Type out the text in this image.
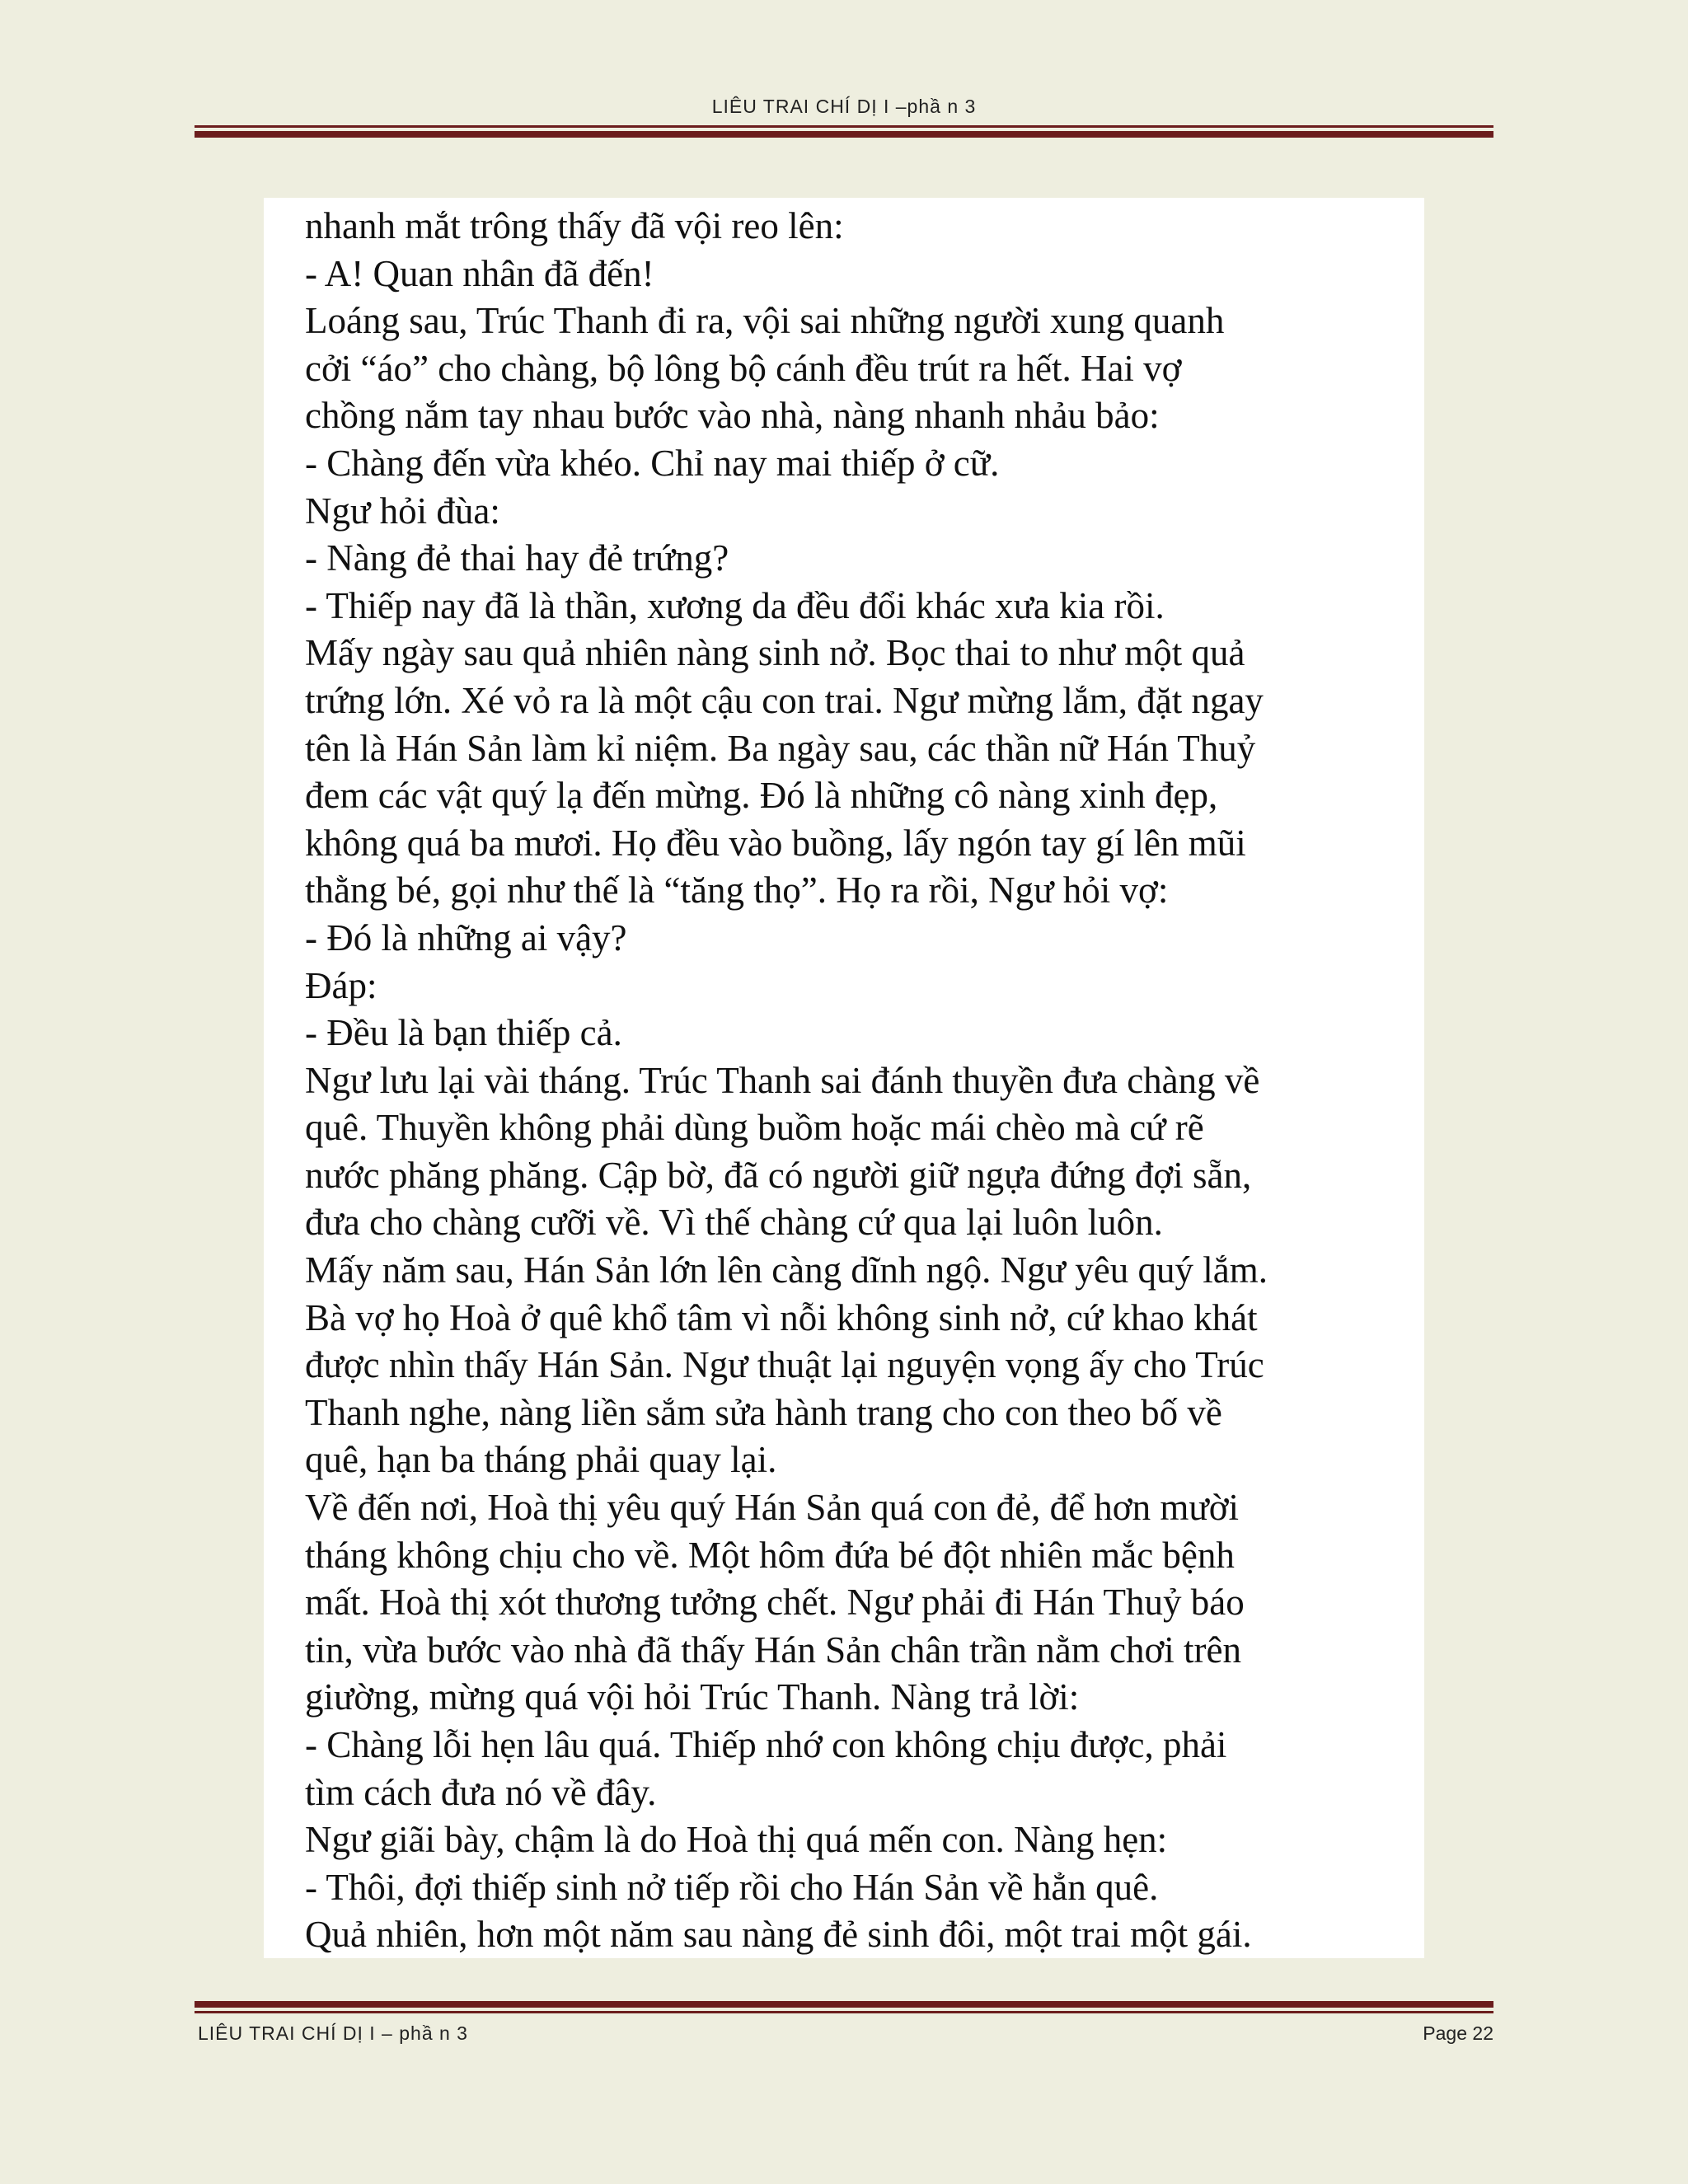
LIÊU TRAI CHÍ DỊ I –phầ n 3
nhanh mắt trông thấy đã vội reo lên:
- A! Quan nhân đã đến!
Loáng sau, Trúc Thanh đi ra, vội sai những người xung quanh
cởi “áo” cho chàng, bộ lông bộ cánh đều trút ra hết. Hai vợ
chồng nắm tay nhau bước vào nhà, nàng nhanh nhảu bảo:
- Chàng đến vừa khéo. Chỉ nay mai thiếp ở cữ.
Ngư hỏi đùa:
- Nàng đẻ thai hay đẻ trứng?
- Thiếp nay đã là thần, xương da đều đổi khác xưa kia rồi.
Mấy ngày sau quả nhiên nàng sinh nở. Bọc thai to như một quả
trứng lớn. Xé vỏ ra là một cậu con trai. Ngư mừng lắm, đặt ngay
tên là Hán Sản làm kỉ niệm. Ba ngày sau, các thần nữ Hán Thuỷ
đem các vật quý lạ đến mừng. Đó là những cô nàng xinh đẹp,
không quá ba mươi. Họ đều vào buồng, lấy ngón tay gí lên mũi
thằng bé, gọi như thế là “tăng thọ”. Họ ra rồi, Ngư hỏi vợ:
- Đó là những ai vậy?
Đáp:
- Đều là bạn thiếp cả.
Ngư lưu lại vài tháng. Trúc Thanh sai đánh thuyền đưa chàng về
quê. Thuyền không phải dùng buồm hoặc mái chèo mà cứ rẽ
nước phăng phăng. Cập bờ, đã có người giữ ngựa đứng đợi sẵn,
đưa cho chàng cưỡi về. Vì thế chàng cứ qua lại luôn luôn.
Mấy năm sau, Hán Sản lớn lên càng dĩnh ngộ. Ngư yêu quý lắm.
Bà vợ họ Hoà ở quê khổ tâm vì nỗi không sinh nở, cứ khao khát
được nhìn thấy Hán Sản. Ngư thuật lại nguyện vọng ấy cho Trúc
Thanh nghe, nàng liền sắm sửa hành trang cho con theo bố về
quê, hạn ba tháng phải quay lại.
Về đến nơi, Hoà thị yêu quý Hán Sản quá con đẻ, để hơn mười
tháng không chịu cho về. Một hôm đứa bé đột nhiên mắc bệnh
mất. Hoà thị xót thương tưởng chết. Ngư phải đi Hán Thuỷ báo
tin, vừa bước vào nhà đã thấy Hán Sản chân trần nằm chơi trên
giường, mừng quá vội hỏi Trúc Thanh. Nàng trả lời:
- Chàng lỗi hẹn lâu quá. Thiếp nhớ con không chịu được, phải
tìm cách đưa nó về đây.
Ngư giãi bày, chậm là do Hoà thị quá mến con. Nàng hẹn:
- Thôi, đợi thiếp sinh nở tiếp rồi cho Hán Sản về hẳn quê.
Quả nhiên, hơn một năm sau nàng đẻ sinh đôi, một trai một gái.
LIÊU TRAI CHÍ DỊ I – phầ n 3	Page 22
